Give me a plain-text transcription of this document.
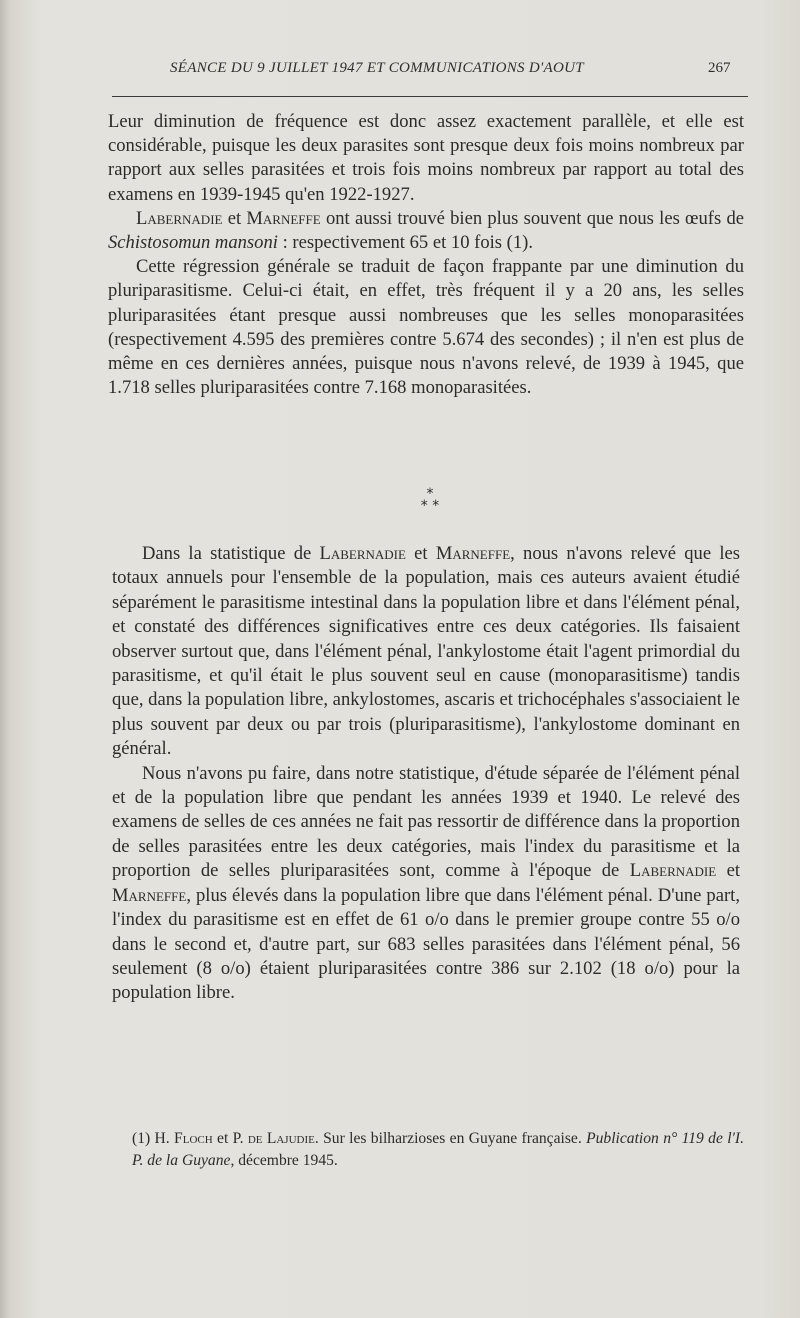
SÉANCE DU 9 JUILLET 1947 ET COMMUNICATIONS D'AOUT	267

Leur diminution de fréquence est donc assez exactement parallèle, et elle est considérable, puisque les deux parasites sont presque deux fois moins nombreux par rapport aux selles parasitées et trois fois moins nombreux par rapport au total des examens en 1939-1945 qu'en 1922-1927.

Labernadie et Marneffe ont aussi trouvé bien plus souvent que nous les œufs de Schistosomun mansoni : respectivement 65 et 10 fois (1).

Cette régression générale se traduit de façon frappante par une diminution du pluriparasitisme. Celui-ci était, en effet, très fréquent il y a 20 ans, les selles pluriparasitées étant presque aussi nombreuses que les selles monoparasitées (respectivement 4.595 des premières contre 5.674 des secondes) ; il n'en est plus de même en ces dernières années, puisque nous n'avons relevé, de 1939 à 1945, que 1.718 selles pluriparasitées contre 7.168 monoparasitées.

*
* *

Dans la statistique de Labernadie et Marneffe, nous n'avons relevé que les totaux annuels pour l'ensemble de la population, mais ces auteurs avaient étudié séparément le parasitisme intestinal dans la population libre et dans l'élément pénal, et constaté des différences significatives entre ces deux catégories. Ils faisaient observer surtout que, dans l'élément pénal, l'ankylostome était l'agent primordial du parasitisme, et qu'il était le plus souvent seul en cause (monoparasitisme) tandis que, dans la population libre, ankylostomes, ascaris et trichocéphales s'associaient le plus souvent par deux ou par trois (pluriparasitisme), l'ankylostome dominant en général.

Nous n'avons pu faire, dans notre statistique, d'étude séparée de l'élément pénal et de la population libre que pendant les années 1939 et 1940. Le relevé des examens de selles de ces années ne fait pas ressortir de différence dans la proportion de selles parasitées entre les deux catégories, mais l'index du parasitisme et la proportion de selles pluriparasitées sont, comme à l'époque de Labernadie et Marneffe, plus élevés dans la population libre que dans l'élément pénal. D'une part, l'index du parasitisme est en effet de 61 o/o dans le premier groupe contre 55 o/o dans le second et, d'autre part, sur 683 selles parasitées dans l'élément pénal, 56 seulement (8 o/o) étaient pluriparasitées contre 386 sur 2.102 (18 o/o) pour la population libre.

(1) H. Floch et P. de Lajudie. Sur les bilharzioses en Guyane française. Publication n° 119 de l'I. P. de la Guyane, décembre 1945.
